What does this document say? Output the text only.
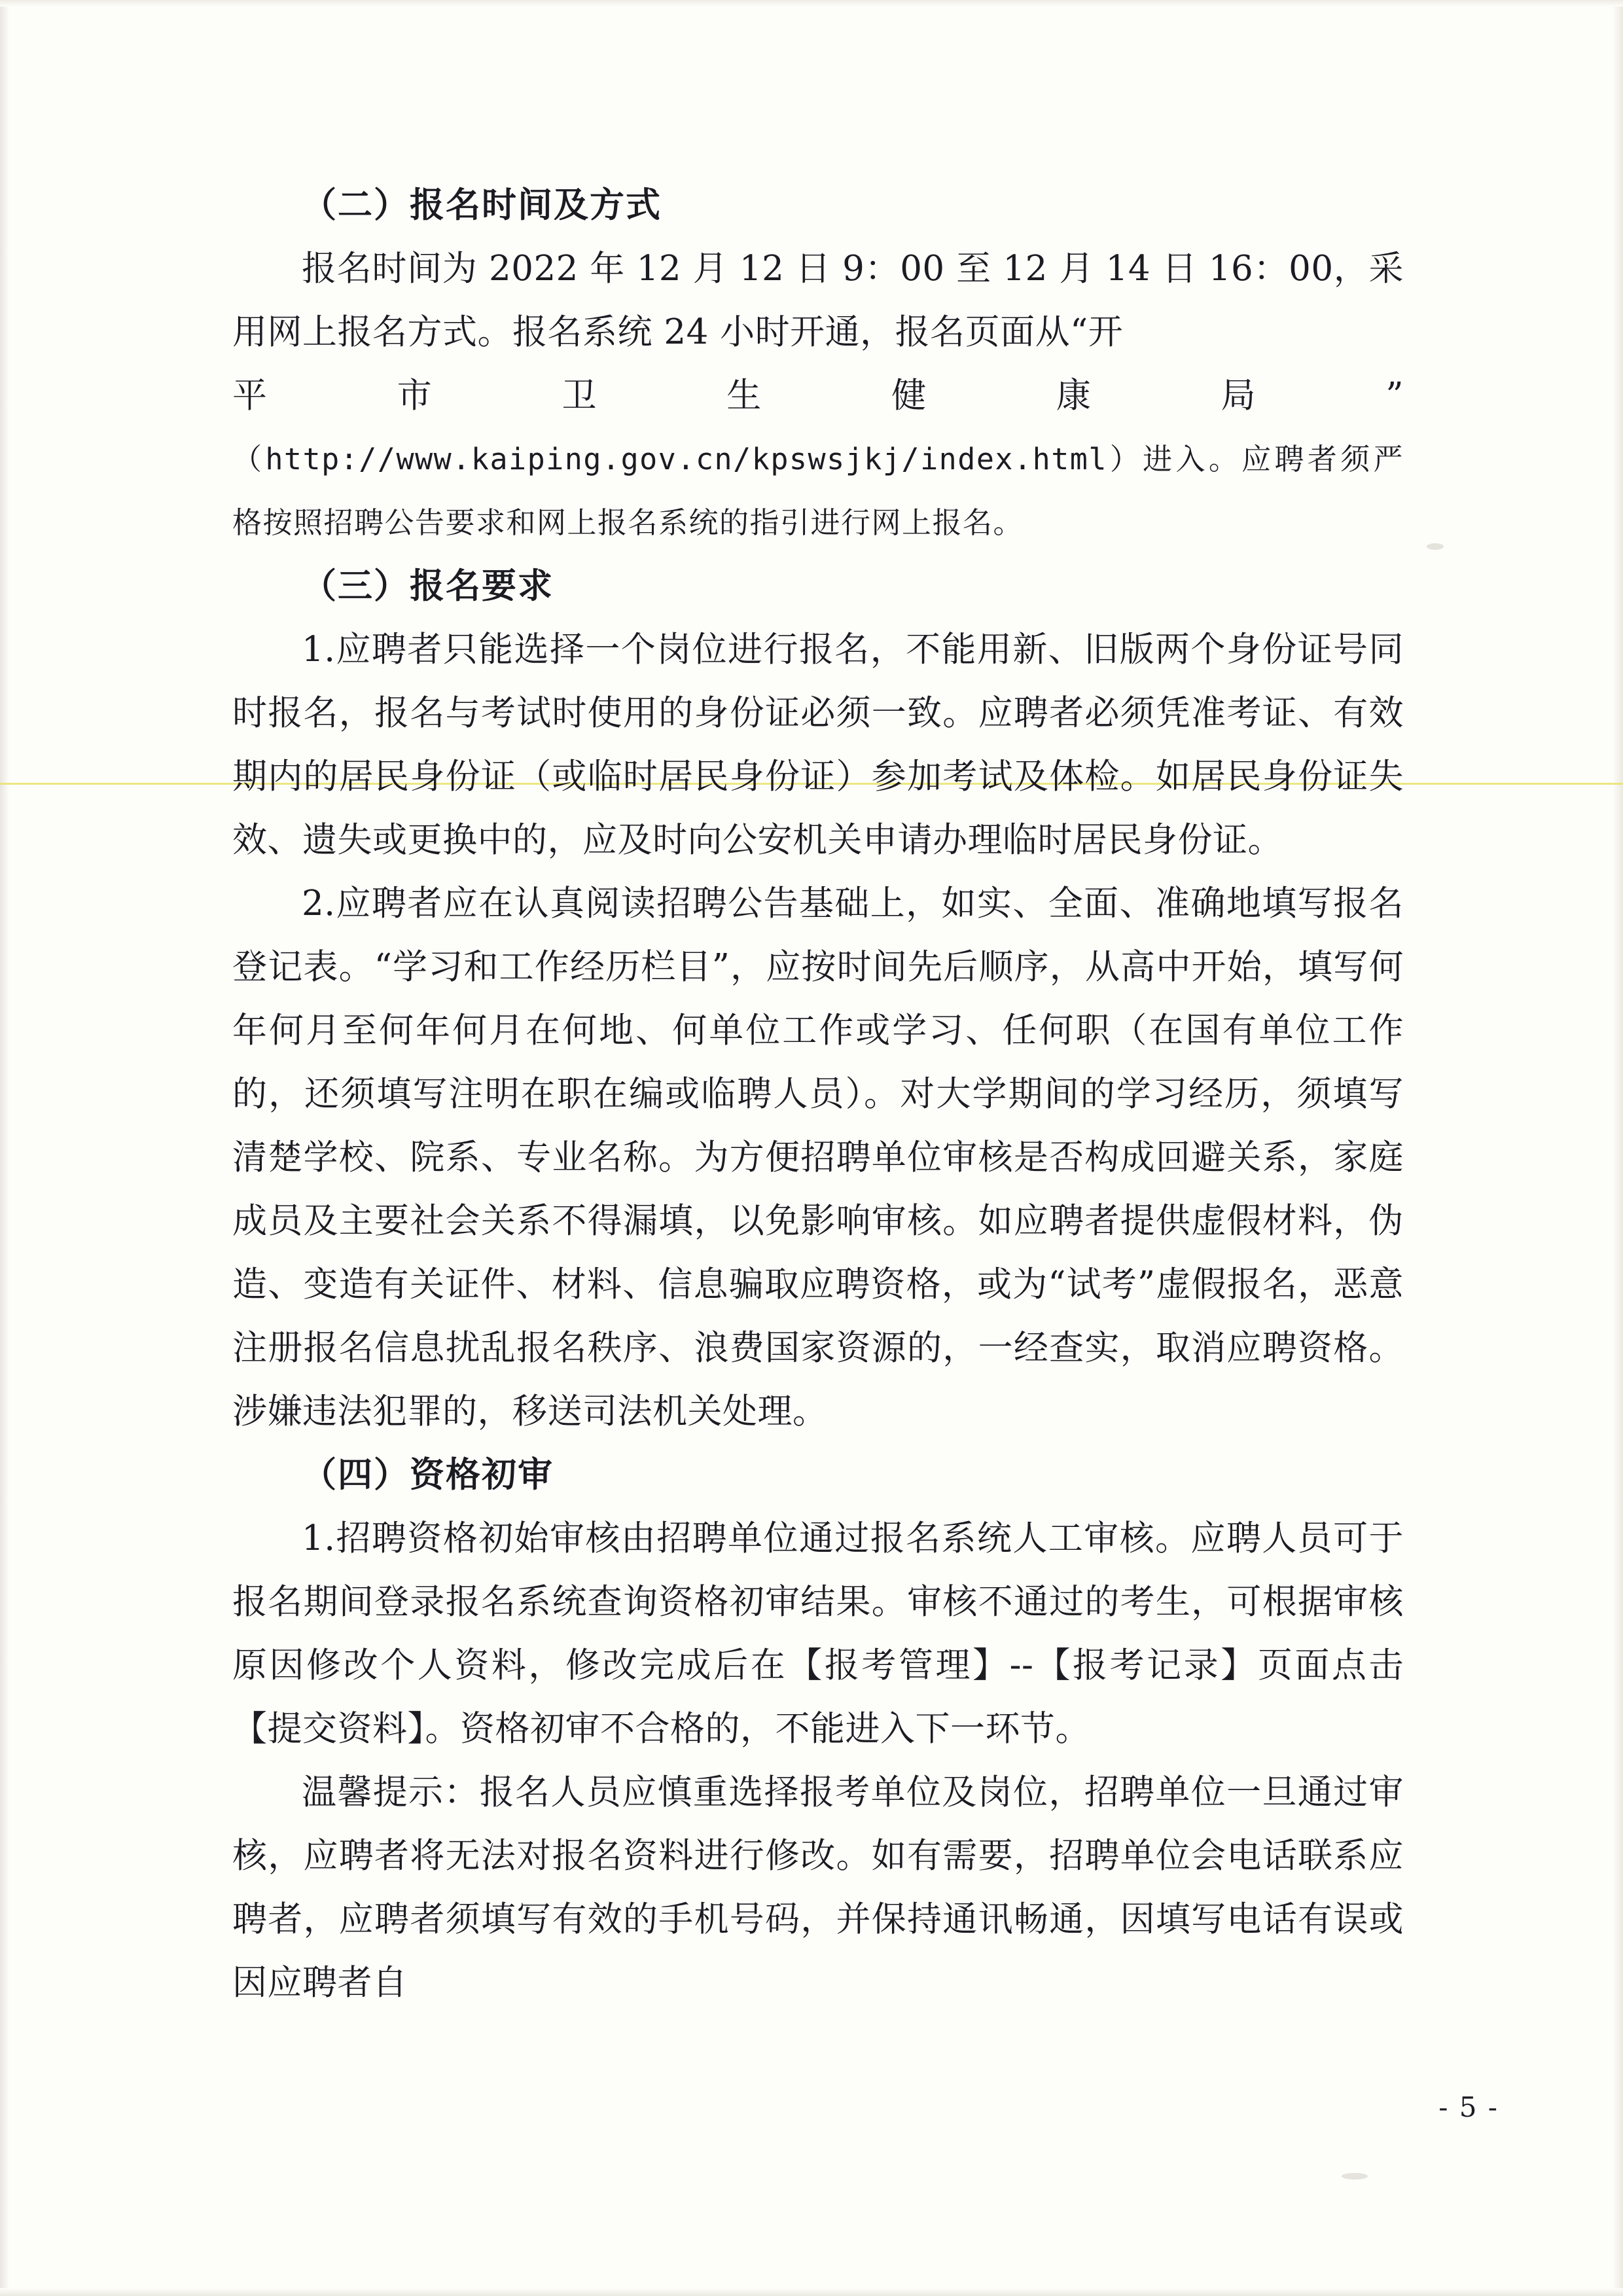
（二）报名时间及方式

报名时间为 2022 年 12 月 12 日 9：00 至 12 月 14 日 16：00，采用网上报名方式。报名系统 24 小时开通，报名页面从“开

平　　市　　卫　　生　　健　　康　　局　　”

（http://www.kaiping.gov.cn/kpswsjkj/index.html）进入。应聘者须严格按照招聘公告要求和网上报名系统的指引进行网上报名。

（三）报名要求

1.应聘者只能选择一个岗位进行报名，不能用新、旧版两个身份证号同时报名，报名与考试时使用的身份证必须一致。应聘者必须凭准考证、有效期内的居民身份证（或临时居民身份证）参加考试及体检。如居民身份证失效、遗失或更换中的，应及时向公安机关申请办理临时居民身份证。

2.应聘者应在认真阅读招聘公告基础上，如实、全面、准确地填写报名登记表。“学习和工作经历栏目”，应按时间先后顺序，从高中开始，填写何年何月至何年何月在何地、何单位工作或学习、任何职（在国有单位工作的，还须填写注明在职在编或临聘人员）。对大学期间的学习经历，须填写清楚学校、院系、专业名称。为方便招聘单位审核是否构成回避关系，家庭成员及主要社会关系不得漏填，以免影响审核。如应聘者提供虚假材料，伪造、变造有关证件、材料、信息骗取应聘资格，或为“试考”虚假报名，恶意注册报名信息扰乱报名秩序、浪费国家资源的，一经查实，取消应聘资格。涉嫌违法犯罪的，移送司法机关处理。

（四）资格初审

1.招聘资格初始审核由招聘单位通过报名系统人工审核。应聘人员可于报名期间登录报名系统查询资格初审结果。审核不通过的考生，可根据审核原因修改个人资料，修改完成后在【报考管理】--【报考记录】页面点击【提交资料】。资格初审不合格的，不能进入下一环节。

温馨提示：报名人员应慎重选择报考单位及岗位，招聘单位一旦通过审核，应聘者将无法对报名资料进行修改。如有需要，招聘单位会电话联系应聘者，应聘者须填写有效的手机号码，并保持通讯畅通，因填写电话有误或因应聘者自

- 5 -
